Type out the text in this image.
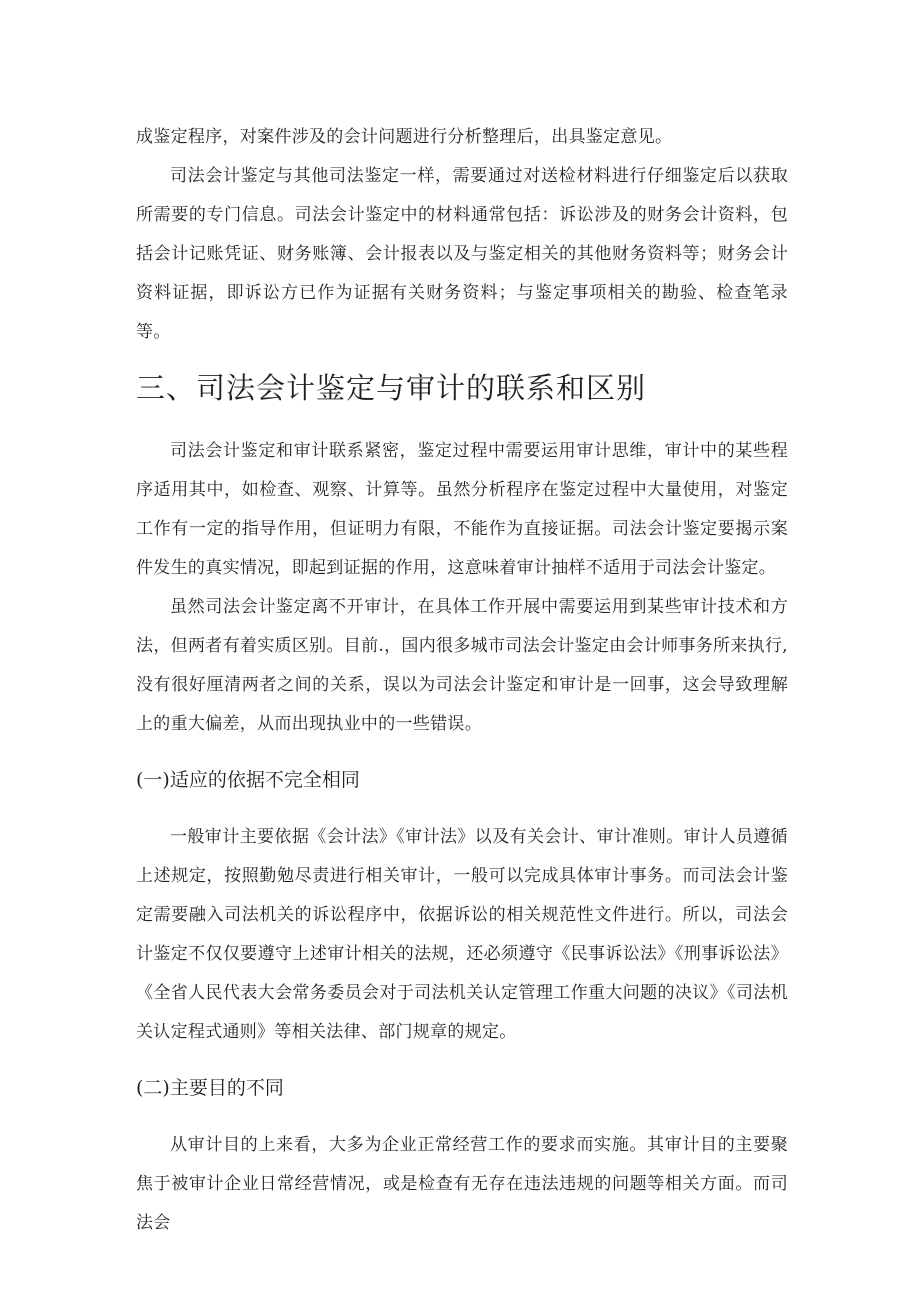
成鉴定程序，对案件涉及的会计问题进行分析整理后，出具鉴定意见。

司法会计鉴定与其他司法鉴定一样，需要通过对送检材料进行仔细鉴定后以获取所需要的专门信息。司法会计鉴定中的材料通常包括：诉讼涉及的财务会计资料，包括会计记账凭证、财务账簿、会计报表以及与鉴定相关的其他财务资料等；财务会计资料证据，即诉讼方已作为证据有关财务资料；与鉴定事项相关的勘验、检查笔录等。

三、司法会计鉴定与审计的联系和区别

司法会计鉴定和审计联系紧密，鉴定过程中需要运用审计思维，审计中的某些程序适用其中，如检查、观察、计算等。虽然分析程序在鉴定过程中大量使用，对鉴定工作有一定的指导作用，但证明力有限，不能作为直接证据。司法会计鉴定要揭示案件发生的真实情况，即起到证据的作用，这意味着审计抽样不适用于司法会计鉴定。

虽然司法会计鉴定离不开审计，在具体工作开展中需要运用到某些审计技术和方法，但两者有着实质区别。目前.，国内很多城市司法会计鉴定由会计师事务所来执行,没有很好厘清两者之间的关系，误以为司法会计鉴定和审计是一回事，这会导致理解上的重大偏差，从而出现执业中的一些错误。

(一)适应的依据不完全相同

一般审计主要依据《会计法》《审计法》以及有关会计、审计准则。审计人员遵循上述规定，按照勤勉尽责进行相关审计，一般可以完成具体审计事务。而司法会计鉴定需要融入司法机关的诉讼程序中，依据诉讼的相关规范性文件进行。所以，司法会计鉴定不仅仅要遵守上述审计相关的法规，还必须遵守《民事诉讼法》《刑事诉讼法》《全省人民代表大会常务委员会对于司法机关认定管理工作重大问题的决议》《司法机关认定程式通则》等相关法律、部门规章的规定。

(二)主要目的不同

从审计目的上来看，大多为企业正常经营工作的要求而实施。其审计目的主要聚焦于被审计企业日常经营情况，或是检查有无存在违法违规的问题等相关方面。而司法会
